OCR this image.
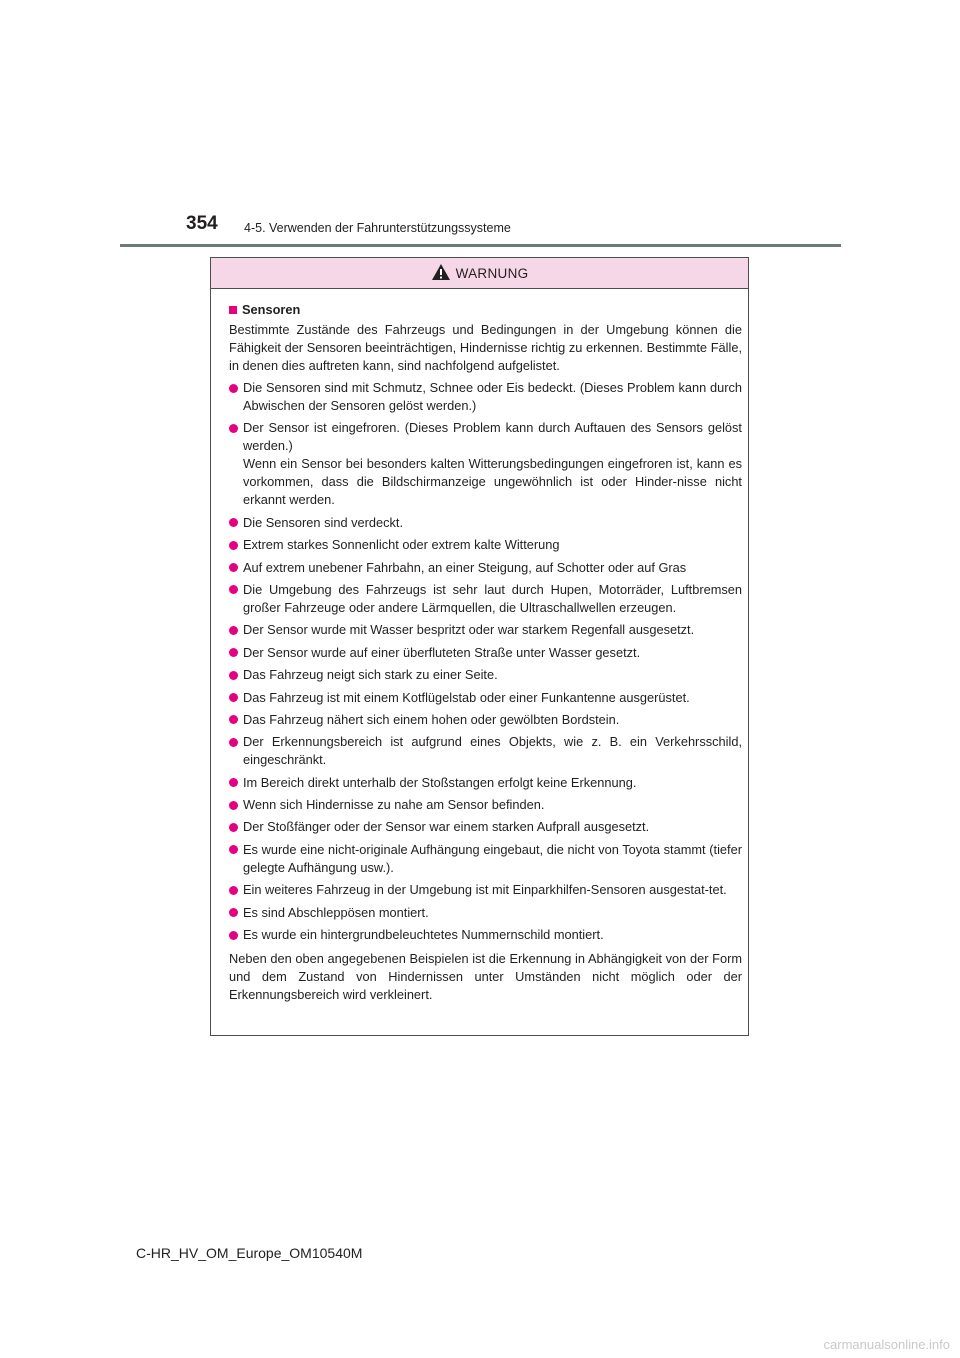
354 4-5. Verwenden der Fahrunterstützungssysteme
WARNUNG
Sensoren

Bestimmte Zustände des Fahrzeugs und Bedingungen in der Umgebung können die Fähigkeit der Sensoren beeinträchtigen, Hindernisse richtig zu erkennen. Bestimmte Fälle, in denen dies auftreten kann, sind nachfolgend aufgelistet.

Die Sensoren sind mit Schmutz, Schnee oder Eis bedeckt. (Dieses Problem kann durch Abwischen der Sensoren gelöst werden.)
Der Sensor ist eingefroren. (Dieses Problem kann durch Auftauen des Sensors gelöst werden.)
Wenn ein Sensor bei besonders kalten Witterungsbedingungen eingefroren ist, kann es vorkommen, dass die Bildschirmanzeige ungewöhnlich ist oder Hinder-nisse nicht erkannt werden.
Die Sensoren sind verdeckt.
Extrem starkes Sonnenlicht oder extrem kalte Witterung
Auf extrem unebener Fahrbahn, an einer Steigung, auf Schotter oder auf Gras
Die Umgebung des Fahrzeugs ist sehr laut durch Hupen, Motorräder, Luftbremsen großer Fahrzeuge oder andere Lärmquellen, die Ultraschallwellen erzeugen.
Der Sensor wurde mit Wasser bespritzt oder war starkem Regenfall ausgesetzt.
Der Sensor wurde auf einer überfluteten Straße unter Wasser gesetzt.
Das Fahrzeug neigt sich stark zu einer Seite.
Das Fahrzeug ist mit einem Kotflügelstab oder einer Funkantenne ausgerüstet.
Das Fahrzeug nähert sich einem hohen oder gewölbten Bordstein.
Der Erkennungsbereich ist aufgrund eines Objekts, wie z. B. ein Verkehrsschild, eingeschränkt.
Im Bereich direkt unterhalb der Stoßstangen erfolgt keine Erkennung.
Wenn sich Hindernisse zu nahe am Sensor befinden.
Der Stoßfänger oder der Sensor war einem starken Aufprall ausgesetzt.
Es wurde eine nicht-originale Aufhängung eingebaut, die nicht von Toyota stammt (tiefer gelegte Aufhängung usw.).
Ein weiteres Fahrzeug in der Umgebung ist mit Einparkhilfen-Sensoren ausgestat-tet.
Es sind Abschleppösen montiert.
Es wurde ein hintergrundbeleuchtetes Nummernschild montiert.

Neben den oben angegebenen Beispielen ist die Erkennung in Abhängigkeit von der Form und dem Zustand von Hindernissen unter Umständen nicht möglich oder der Erkennungsbereich wird verkleinert.

C-HR_HV_OM_Europe_OM10540M
carmanualsonline.info
